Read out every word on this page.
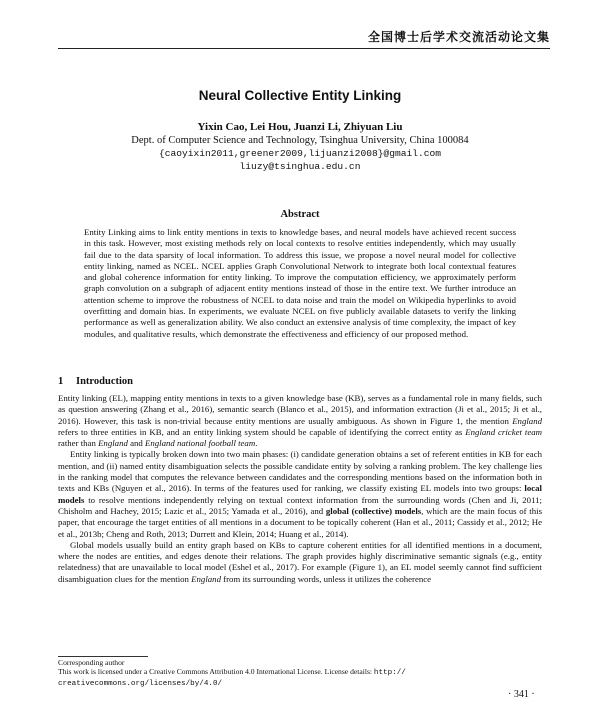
全国博士后学术交流活动论文集
Neural Collective Entity Linking
Yixin Cao, Lei Hou, Juanzi Li, Zhiyuan Liu
Dept. of Computer Science and Technology, Tsinghua University, China 100084
{caoyixin2011,greener2009,lijuanzi2008}@gmail.com
liuzy@tsinghua.edu.cn
Abstract
Entity Linking aims to link entity mentions in texts to knowledge bases, and neural models have achieved recent success in this task. However, most existing methods rely on local contexts to resolve entities independently, which may usually fail due to the data sparsity of local information. To address this issue, we propose a novel neural model for collective entity linking, named as NCEL. NCEL applies Graph Convolutional Network to integrate both local contextual features and global coherence information for entity linking. To improve the computation efficiency, we approximately perform graph convolution on a subgraph of adjacent entity mentions instead of those in the entire text. We further introduce an attention scheme to improve the robustness of NCEL to data noise and train the model on Wikipedia hyperlinks to avoid overfitting and domain bias. In experiments, we evaluate NCEL on five publicly available datasets to verify the linking performance as well as generalization ability. We also conduct an extensive analysis of time complexity, the impact of key modules, and qualitative results, which demonstrate the effectiveness and efficiency of our proposed method.
1 Introduction

Entity linking (EL), mapping entity mentions in texts to a given knowledge base (KB), serves as a fundamental role in many fields, such as question answering (Zhang et al., 2016), semantic search (Blanco et al., 2015), and information extraction (Ji et al., 2015; Ji et al., 2016). However, this task is non-trivial because entity mentions are usually ambiguous. As shown in Figure 1, the mention England refers to three entities in KB, and an entity linking system should be capable of identifying the correct entity as England cricket team rather than England and England national football team.

Entity linking is typically broken down into two main phases: (i) candidate generation obtains a set of referent entities in KB for each mention, and (ii) named entity disambiguation selects the possible candidate entity by solving a ranking problem. The key challenge lies in the ranking model that computes the relevance between candidates and the corresponding mentions based on the information both in texts and KBs (Nguyen et al., 2016). In terms of the features used for ranking, we classify existing EL models into two groups: local models to resolve mentions independently relying on textual context information from the surrounding words (Chen and Ji, 2011; Chisholm and Hachey, 2015; Lazic et al., 2015; Yamada et al., 2016), and global (collective) models, which are the main focus of this paper, that encourage the target entities of all mentions in a document to be topically coherent (Han et al., 2011; Cassidy et al., 2012; He et al., 2013b; Cheng and Roth, 2013; Durrett and Klein, 2014; Huang et al., 2014).

Global models usually build an entity graph based on KBs to capture coherent entities for all identified mentions in a document, where the nodes are entities, and edges denote their relations. The graph provides highly discriminative semantic signals (e.g., entity relatedness) that are unavailable to local model (Eshel et al., 2017). For example (Figure 1), an EL model seemly cannot find sufficient disambiguation clues for the mention England from its surrounding words, unless it utilizes the coherence

Corresponding author
This work is licensed under a Creative Commons Attribution 4.0 International License. License details: http://
creativecommons.org/licenses/by/4.0/
· 341 ·
